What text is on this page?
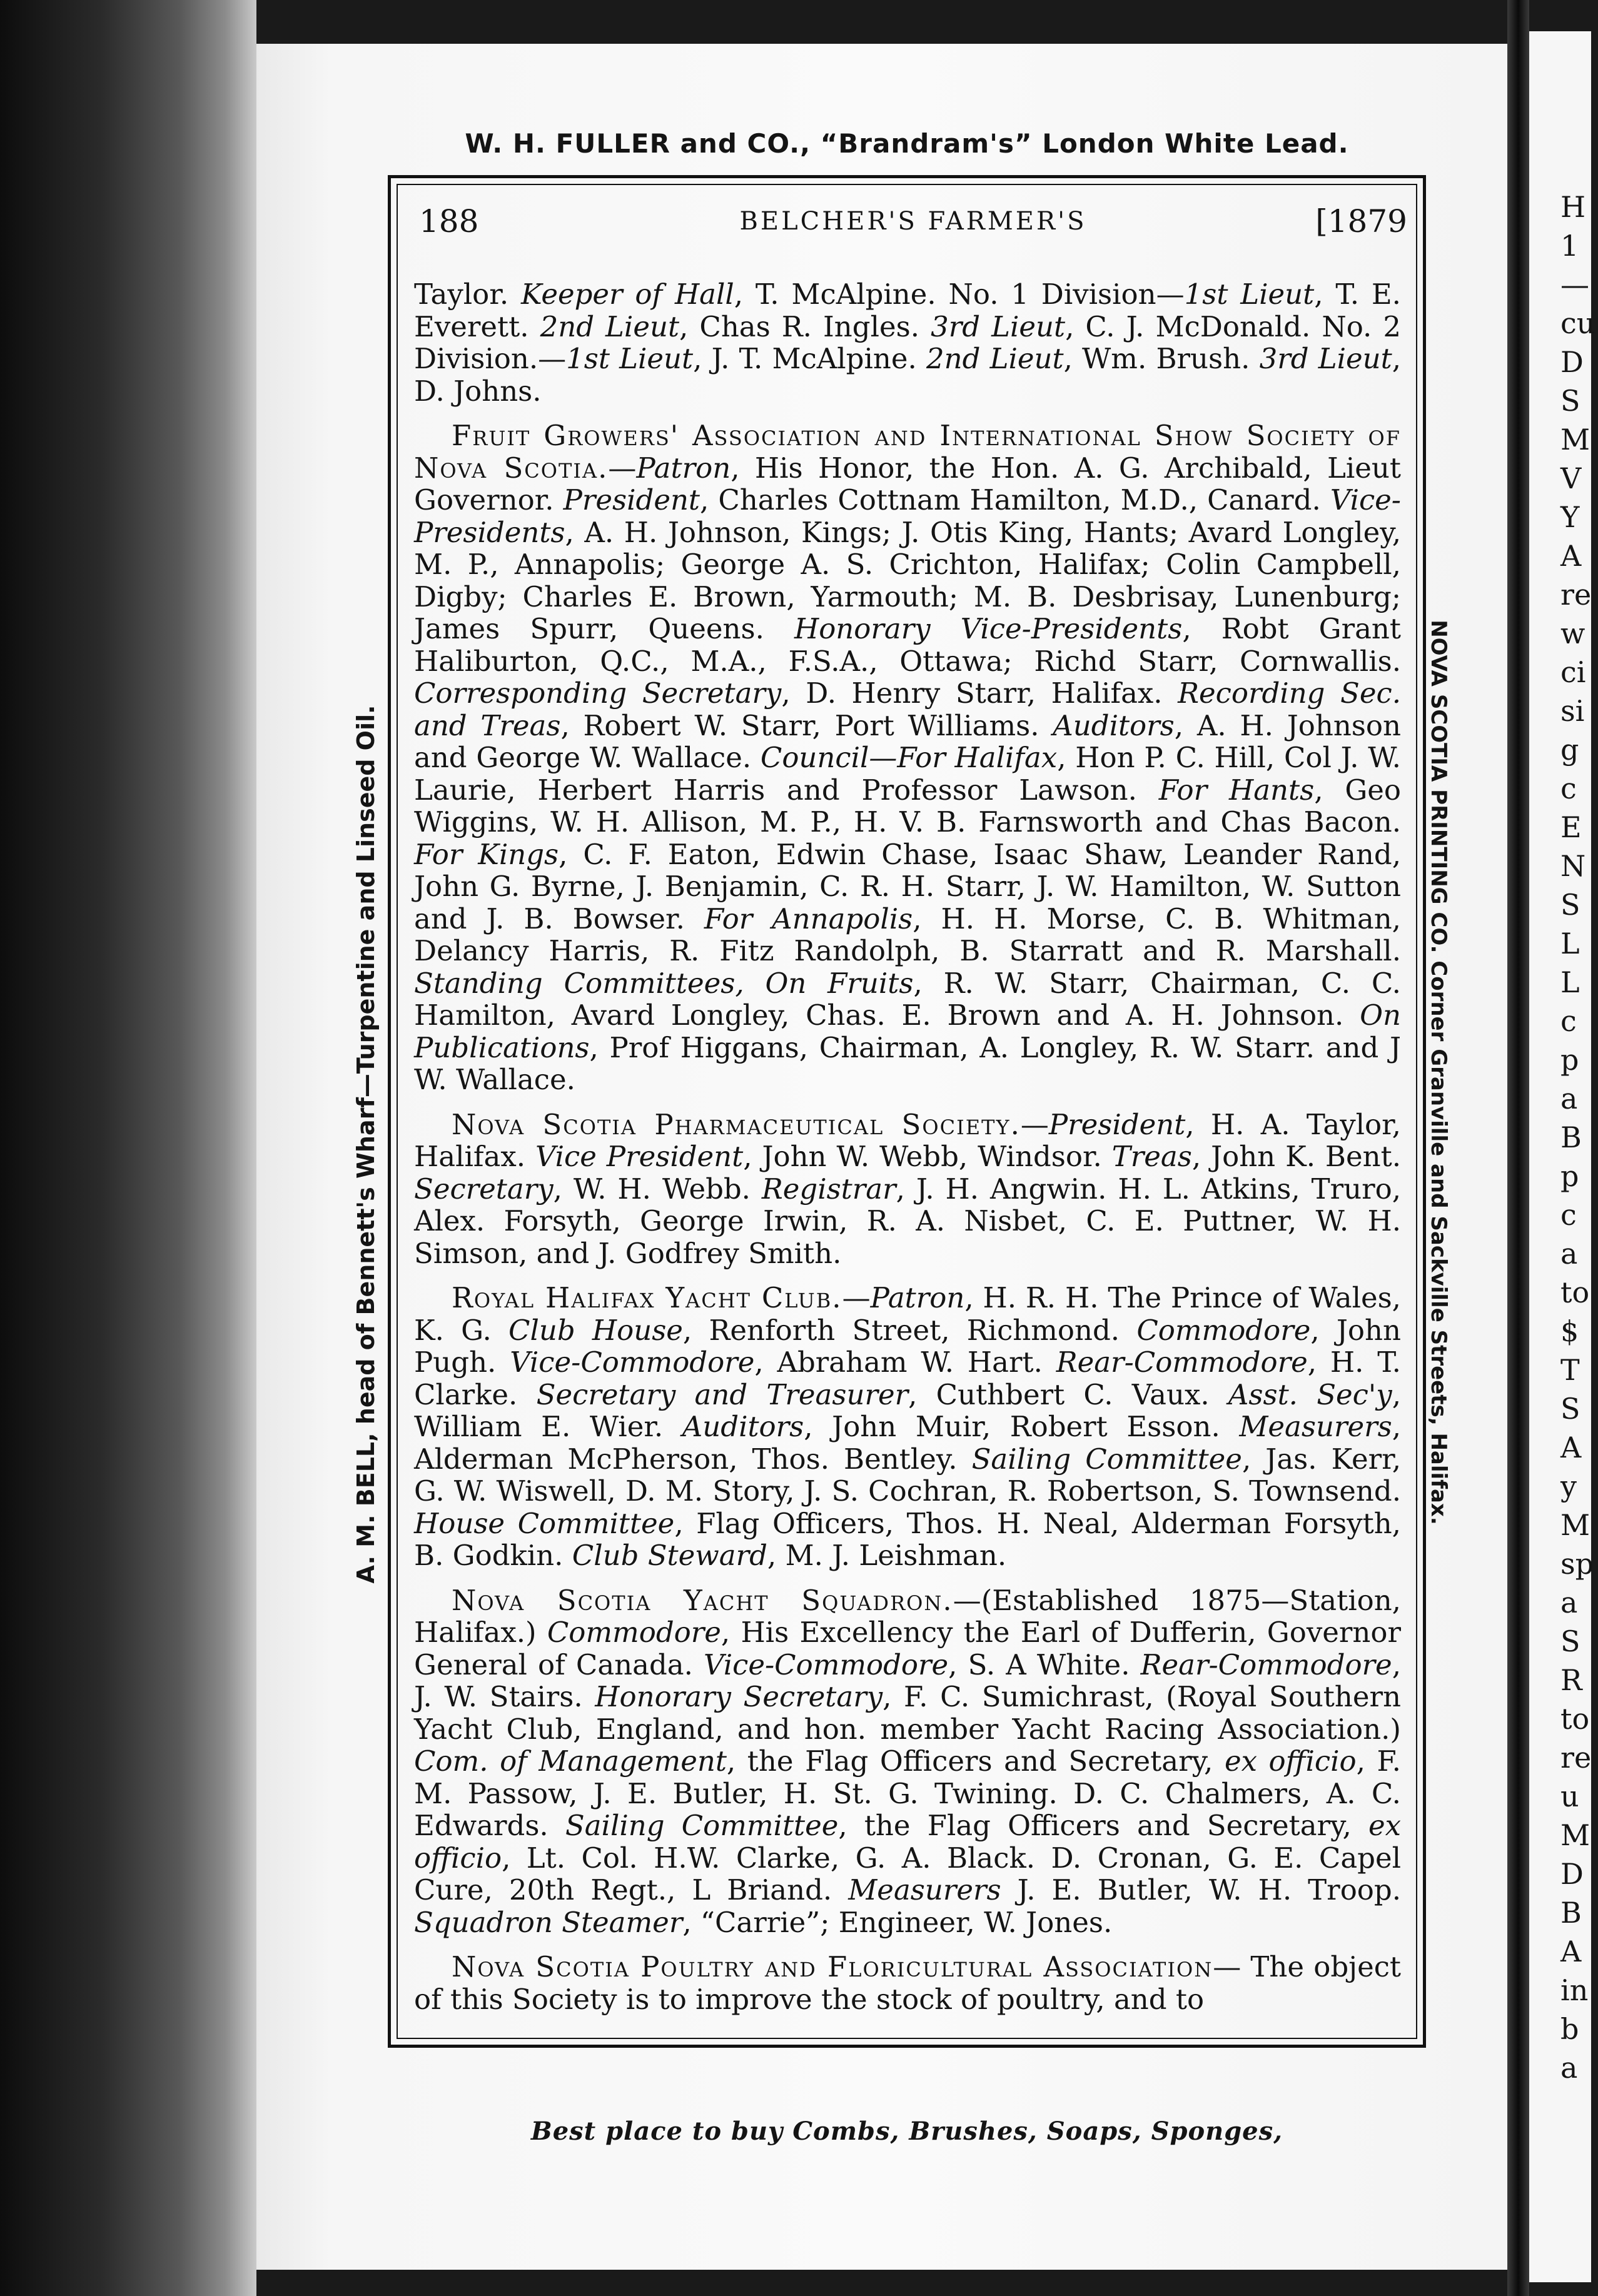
W. H. FULLER and CO., “Brandram's” London White Lead.
A. M. BELL, head of Bennett's Wharf—Turpentine and Linseed Oil.	NOVA SCOTIA PRINTING CO. Corner Granville and Sackville Streets, Halifax.
Best place to buy Combs, Brushes, Soaps, Sponges,
188	BELCHER'S FARMER'S	[1879

Taylor. Keeper of Hall, T. McAlpine. No. 1 Division—1st Lieut, T. E. Everett. 2nd Lieut, Chas R. Ingles. 3rd Lieut, C. J. McDonald. No. 2 Division.—1st Lieut, J. T. McAlpine. 2nd Lieut, Wm. Brush. 3rd Lieut, D. Johns.

Fruit Growers' Association and International Show Society of Nova Scotia.—Patron, His Honor, the Hon. A. G. Archibald, Lieut Governor. President, Charles Cottnam Hamilton, M.D., Canard. Vice-Presidents, A. H. Johnson, Kings; J. Otis King, Hants; Avard Longley, M. P., Annapolis; George A. S. Crichton, Halifax; Colin Campbell, Digby; Charles E. Brown, Yarmouth; M. B. Desbrisay, Lunenburg; James Spurr, Queens. Honorary Vice-Presidents, Robt Grant Haliburton, Q.C., M.A., F.S.A., Ottawa; Richd Starr, Cornwallis. Corresponding Secretary, D. Henry Starr, Halifax. Recording Sec. and Treas, Robert W. Starr, Port Williams. Auditors, A. H. Johnson and George W. Wallace. Council—For Halifax, Hon P. C. Hill, Col J. W. Laurie, Herbert Harris and Professor Lawson. For Hants, Geo Wiggins, W. H. Allison, M. P., H. V. B. Farnsworth and Chas Bacon. For Kings, C. F. Eaton, Edwin Chase, Isaac Shaw, Leander Rand, John G. Byrne, J. Benjamin, C. R. H. Starr, J. W. Hamilton, W. Sutton and J. B. Bowser. For Annapolis, H. H. Morse, C. B. Whitman, Delancy Harris, R. Fitz Randolph, B. Starratt and R. Marshall. Standing Committees, On Fruits, R. W. Starr, Chairman, C. C. Hamilton, Avard Longley, Chas. E. Brown and A. H. Johnson. On Publications, Prof Higgans, Chairman, A. Longley, R. W. Starr. and J W. Wallace.

Nova Scotia Pharmaceutical Society.—President, H. A. Taylor, Halifax. Vice President, John W. Webb, Windsor. Treas, John K. Bent. Secretary, W. H. Webb. Registrar, J. H. Angwin. H. L. Atkins, Truro, Alex. Forsyth, George Irwin, R. A. Nisbet, C. E. Puttner, W. H. Simson, and J. Godfrey Smith.

Royal Halifax Yacht Club.—Patron, H. R. H. The Prince of Wales, K. G. Club House, Renforth Street, Richmond. Commodore, John Pugh. Vice-Commodore, Abraham W. Hart. Rear-Commodore, H. T. Clarke. Secretary and Treasurer, Cuthbert C. Vaux. Asst. Sec'y, William E. Wier. Auditors, John Muir, Robert Esson. Measurers, Alderman McPherson, Thos. Bentley. Sailing Committee, Jas. Kerr, G. W. Wiswell, D. M. Story, J. S. Cochran, R. Robertson, S. Townsend. House Committee, Flag Officers, Thos. H. Neal, Alderman Forsyth, B. Godkin. Club Steward, M. J. Leishman.

Nova Scotia Yacht Squadron.—(Established 1875—Station, Halifax.) Commodore, His Excellency the Earl of Dufferin, Governor General of Canada. Vice-Commodore, S. A White. Rear-Commodore, J. W. Stairs. Honorary Secretary, F. C. Sumichrast, (Royal Southern Yacht Club, England, and hon. member Yacht Racing Association.) Com. of Management, the Flag Officers and Secretary, ex officio, F. M. Passow, J. E. Butler, H. St. G. Twining. D. C. Chalmers, A. C. Edwards. Sailing Committee, the Flag Officers and Secretary, ex officio, Lt. Col. H.W. Clarke, G. A. Black. D. Cronan, G. E. Capel Cure, 20th Regt., L Briand. Measurers J. E. Butler, W. H. Troop. Squadron Steamer, “Carrie”; Engineer, W. Jones.

Nova Scotia Poultry and Floricultural Association— The object of this Society is to improve the stock of poultry, and to

H
1
—
cu
D
S
M
V
Y
A
re
w
ci
si
g
c
E
N
S
L
L
c
p
a
B
p
c
a
to
$
T
S
A
y
M
sp
a
S
R
to
re
u
M
D
B
A
in
b
a
